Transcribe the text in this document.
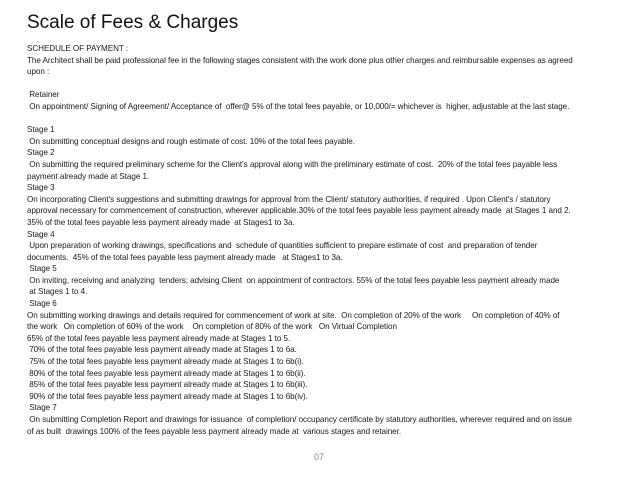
Scale of Fees & Charges

SCHEDULE OF PAYMENT :

The Architect shall be paid professional fee in the following stages consistent with the work done plus other charges and reimbursable expenses as agreed

upon :

Retainer

On appointment/ Signing of Agreement/ Acceptance of  offer@ 5% of the total fees payable, or 10,000/= whichever is  higher, adjustable at the last stage.

Stage 1

On submitting conceptual designs and rough estimate of cost. 10% of the total fees payable.

Stage 2

On submitting the required preliminary scheme for the Client's approval along with the preliminary estimate of cost.  20% of the total fees payable less

payment already made at Stage 1.

Stage 3

On incorporating Client's suggestions and submitting drawings for approval from the Client/ statutory authorities, if required . Upon Client's / statutory

approval necessary for commencement of construction, wherever applicable.30% of the total fees payable less payment already made  at Stages 1 and 2.

35% of the total fees payable less payment already made  at Stages1 to 3a.

Stage 4

Upon preparation of working drawings, specifications and  schedule of quantities sufficient to prepare estimate of cost  and preparation of tender

documents.  45% of the total fees payable less payment already made   at Stages1 to 3a.

Stage 5

On inviting, receiving and analyzing  tenders; advising Client  on appointment of contractors. 55% of the total fees payable less payment already made

at Stages 1 to 4.

Stage 6

On submitting working drawings and details required for commencement of work at site.  On completion of 20% of the work     On completion of 40% of

the work   On completion of 60% of the work    On completion of 80% of the work   On Virtual Completion

65% of the total fees payable less payment already made at Stages 1 to 5.

70% of the total fees payable less payment already made at Stages 1 to 6a.

75% of the total fees payable less payment already made at Stages 1 to 6b(i).

80% of the total fees payable less payment already made at Stages 1 to 6b(ii).

85% of the total fees payable less payment already made at Stages 1 to 6b(iii).

90% of the total fees payable less payment already made at Stages 1 to 6b(iv).

Stage 7

On submitting Completion Report and drawings for issuance  of completion/ occupancy certificate by statutory authorities, wherever required and on issue

of as built  drawings 100% of the fees payable less payment already made at  various stages and retainer.

07
